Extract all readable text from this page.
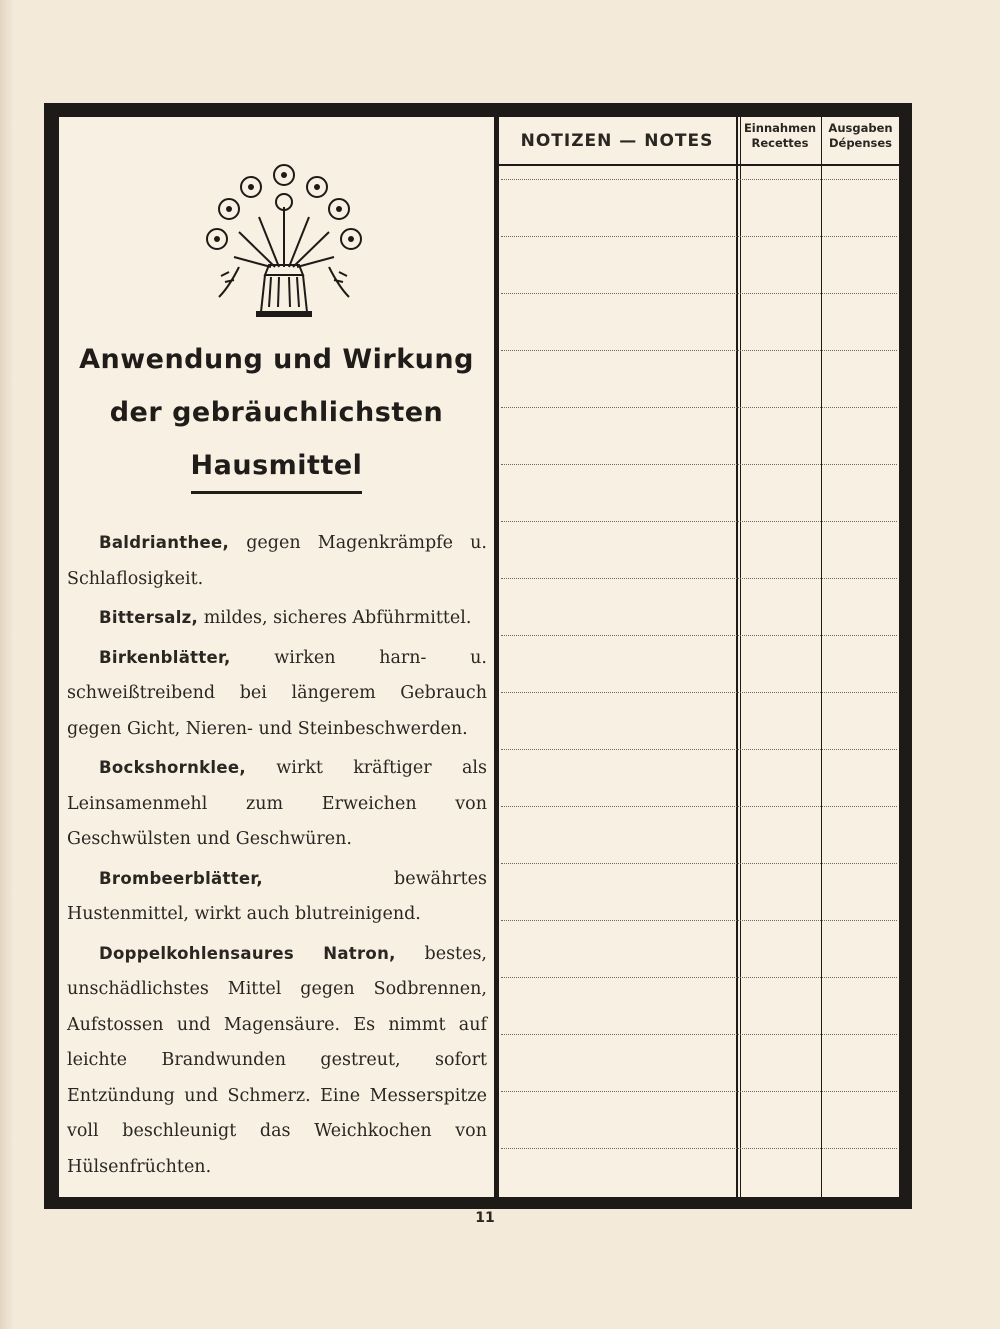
Anwendung und Wirkung
der gebräuchlichsten
Hausmittel

Baldrianthee, gegen Magenkrämpfe u. Schlaflosigkeit.

Bittersalz, mildes, sicheres Abführmittel.

Birkenblätter, wirken harn- u. schweißtreibend bei längerem Gebrauch gegen Gicht, Nieren- und Steinbeschwerden.

Bockshornklee, wirkt kräftiger als Leinsamenmehl zum Erweichen von Geschwülsten und Geschwüren.

Brombeerblätter, bewährtes Hustenmittel, wirkt auch blutreinigend.

Doppelkohlensaures Natron, bestes, unschädlichstes Mittel gegen Sodbrennen, Aufstossen und Magensäure. Es nimmt auf leichte Brandwunden gestreut, sofort Entzündung und Schmerz. Eine Messerspitze voll beschleunigt das Weichkochen von Hülsenfrüchten.

NOTIZEN — NOTES
Einnahmen
Recettes
Ausgaben
Dépenses
11
